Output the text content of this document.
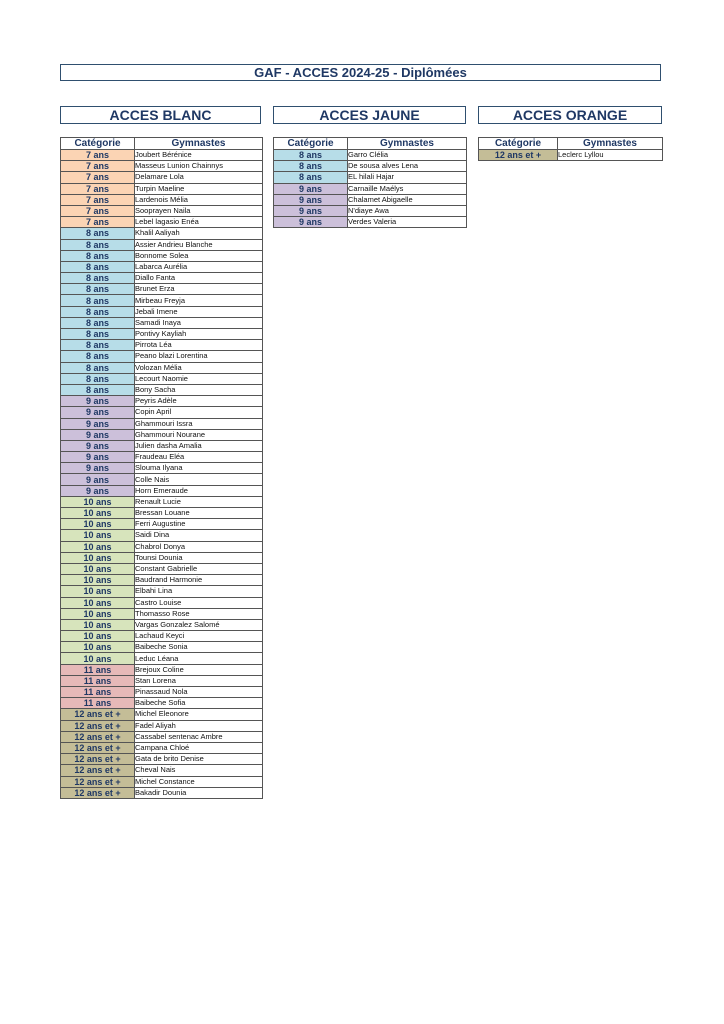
GAF - ACCES 2024-25 - Diplômées
ACCES BLANC	ACCES JAUNE	ACCES ORANGE
Catégorie	Gymnastes
7 ans	Joubert Bérénice
7 ans	Masseus Lunion Chainnys
7 ans	Delamare Lola
7 ans	Turpin Maeline
7 ans	Lardenois Mélia
7 ans	Sooprayen Naila
7 ans	Lebel lagasio Enéa
8 ans	Khalil Aaliyah
8 ans	Assier Andrieu Blanche
8 ans	Bonnome Solea
8 ans	Labarca Aurélia
8 ans	Diallo Fanta
8 ans	Brunet Erza
8 ans	Mirbeau Freyja
8 ans	Jebali Imene
8 ans	Samadi Inaya
8 ans	Pontivy Kayliah
8 ans	Pirrota Léa
8 ans	Peano blazi Lorentina
8 ans	Volozan Mélia
8 ans	Lecourt Naomie
8 ans	Bony Sacha
9 ans	Peyris Adèle
9 ans	Copin April
9 ans	Ghammouri Issra
9 ans	Ghammouri Nourane
9 ans	Julien dasha Amalia
9 ans	Fraudeau Eléa
9 ans	Slouma Ilyana
9 ans	Colle Nais
9 ans	Horn Emeraude
10 ans	Renault Lucie
10 ans	Bressan Louane
10 ans	Ferri Augustine
10 ans	Saidi Dina
10 ans	Chabrol Donya
10 ans	Tounsi Dounia
10 ans	Constant Gabrielle
10 ans	Baudrand Harmonie
10 ans	Elbahi Lina
10 ans	Castro Louise
10 ans	Thomasso Rose
10 ans	Vargas Gonzalez Salomé
10 ans	Lachaud Keyci
10 ans	Baibeche Sonia
10 ans	Leduc Léana
11 ans	Brejoux Coline
11 ans	Stan Lorena
11 ans	Pinassaud Nola
11 ans	Baibeche Sofia
12 ans et +	Michel Eleonore
12 ans et +	Fadel Aliyah
12 ans et +	Cassabel sentenac Ambre
12 ans et +	Campana Chloé
12 ans et +	Gata de brito Denise
12 ans et +	Cheval Nais
12 ans et +	Michel Constance
12 ans et +	Bakadir Dounia
Catégorie	Gymnastes
8 ans	Garro Clélia
8 ans	De sousa alves Lena
8 ans	EL hilali Hajar
9 ans	Carnaille Maélys
9 ans	Chalamet Abigaelle
9 ans	N'diaye Awa
9 ans	Verdes Valeria
Catégorie	Gymnastes
12 ans et +	Leclerc Lyllou
